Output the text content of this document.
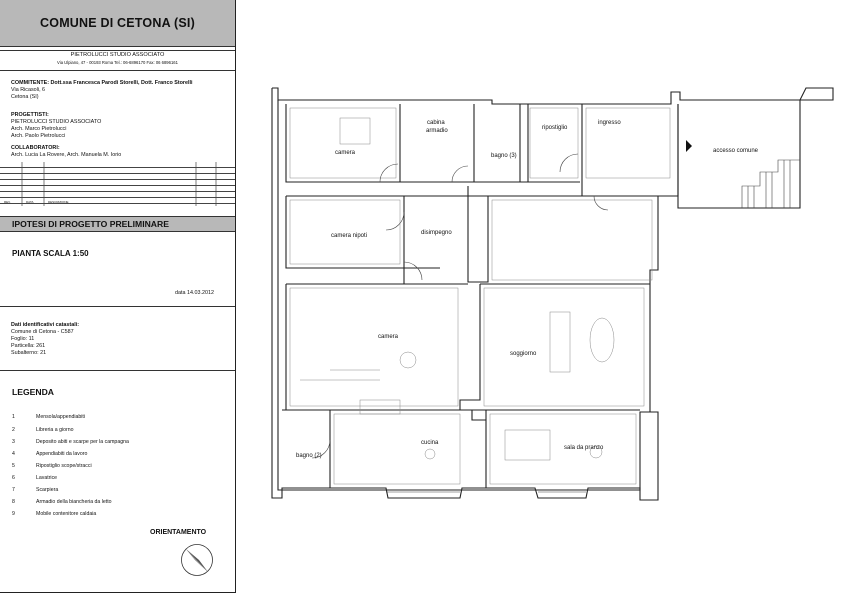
COMUNE DI CETONA (SI)
PIETROLUCCI STUDIO ASSOCIATO
Via Ulpiano, 47 - 00193 Roma Tel.: 06-6896170 Fax: 06 6896161
COMMITENTE: Dott.ssa Francesca Parodi Storelli, Dott. Franco Storelli
Via Ricasoli, 6
Cetona (SI)
PROGETTISTI:
PIETROLUCCI STUDIO ASSOCIATO
Arch. Marco Pietrolucci
Arch. Paolo Pietrolucci
COLLABORATORI:
Arch. Lucia La Rovere, Arch. Manuela M. Iorio
REV.	DATA	DESCRIZIONE
IPOTESI DI PROGETTO PRELIMINARE
PIANTA SCALA 1:50
data 14.03.2012
Dati identificativi catastali:
Comune di Cetona - C587
Foglio: 11
Particella: 261
Subalterno: 21
LEGENDA
1	Mensola/appendiabiti
2	Libreria a giorno
3	Deposito abiti e scarpe per la campagna
4	Appendiabiti da lavoro
5	Ripostiglio scope/stracci
6	Lavatrice
7	Scarpiera
8	Armadio della biancheria da letto
9	Mobile contenitore caldaia
ORIENTAMENTO
camera
cabina
armadio	ripostiglio
ingresso
bagno (3)
accesso comune
camera nipoti	disimpegno
camera
soggiorno
bagno (2)
cucina
sala da pranzo
